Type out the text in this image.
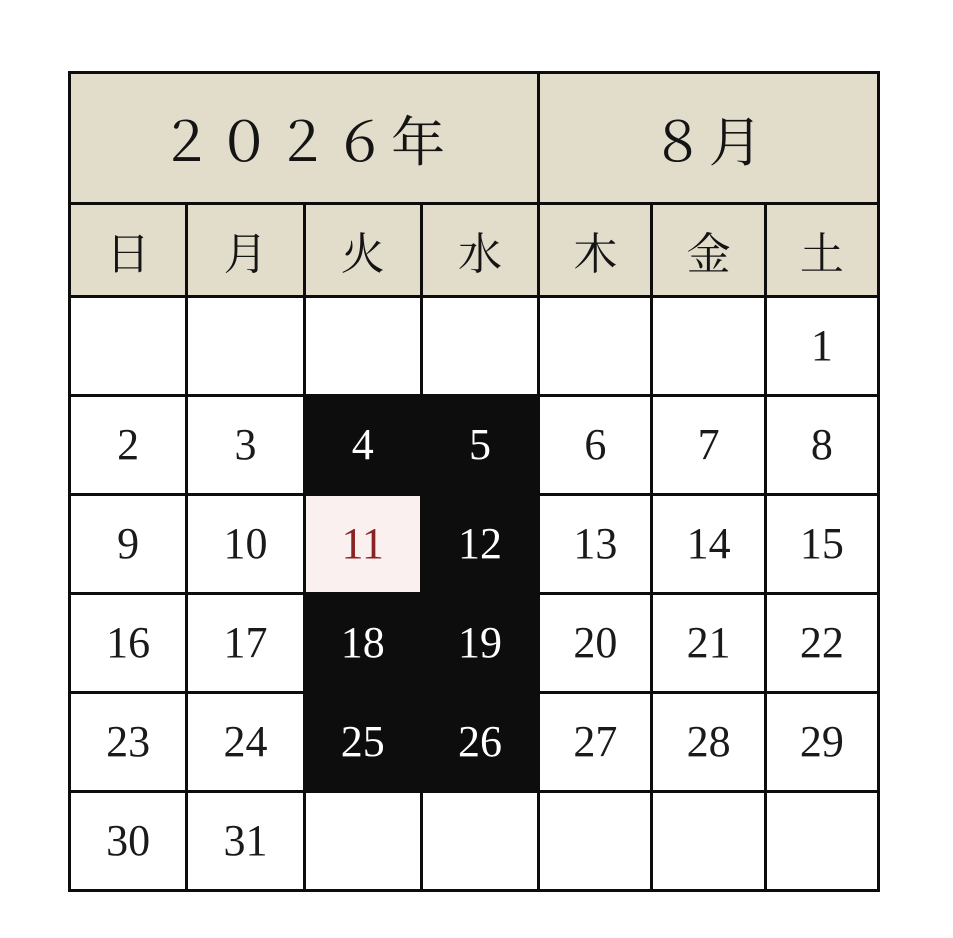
２０２６年				８月		
日	月	火	水	木	金	土

						1

2	3	4	5	6	7	8

9	10	11	12	13	14	15

16	17	18	19	20	21	22

23	24	25	26	27	28	29

30	31					
